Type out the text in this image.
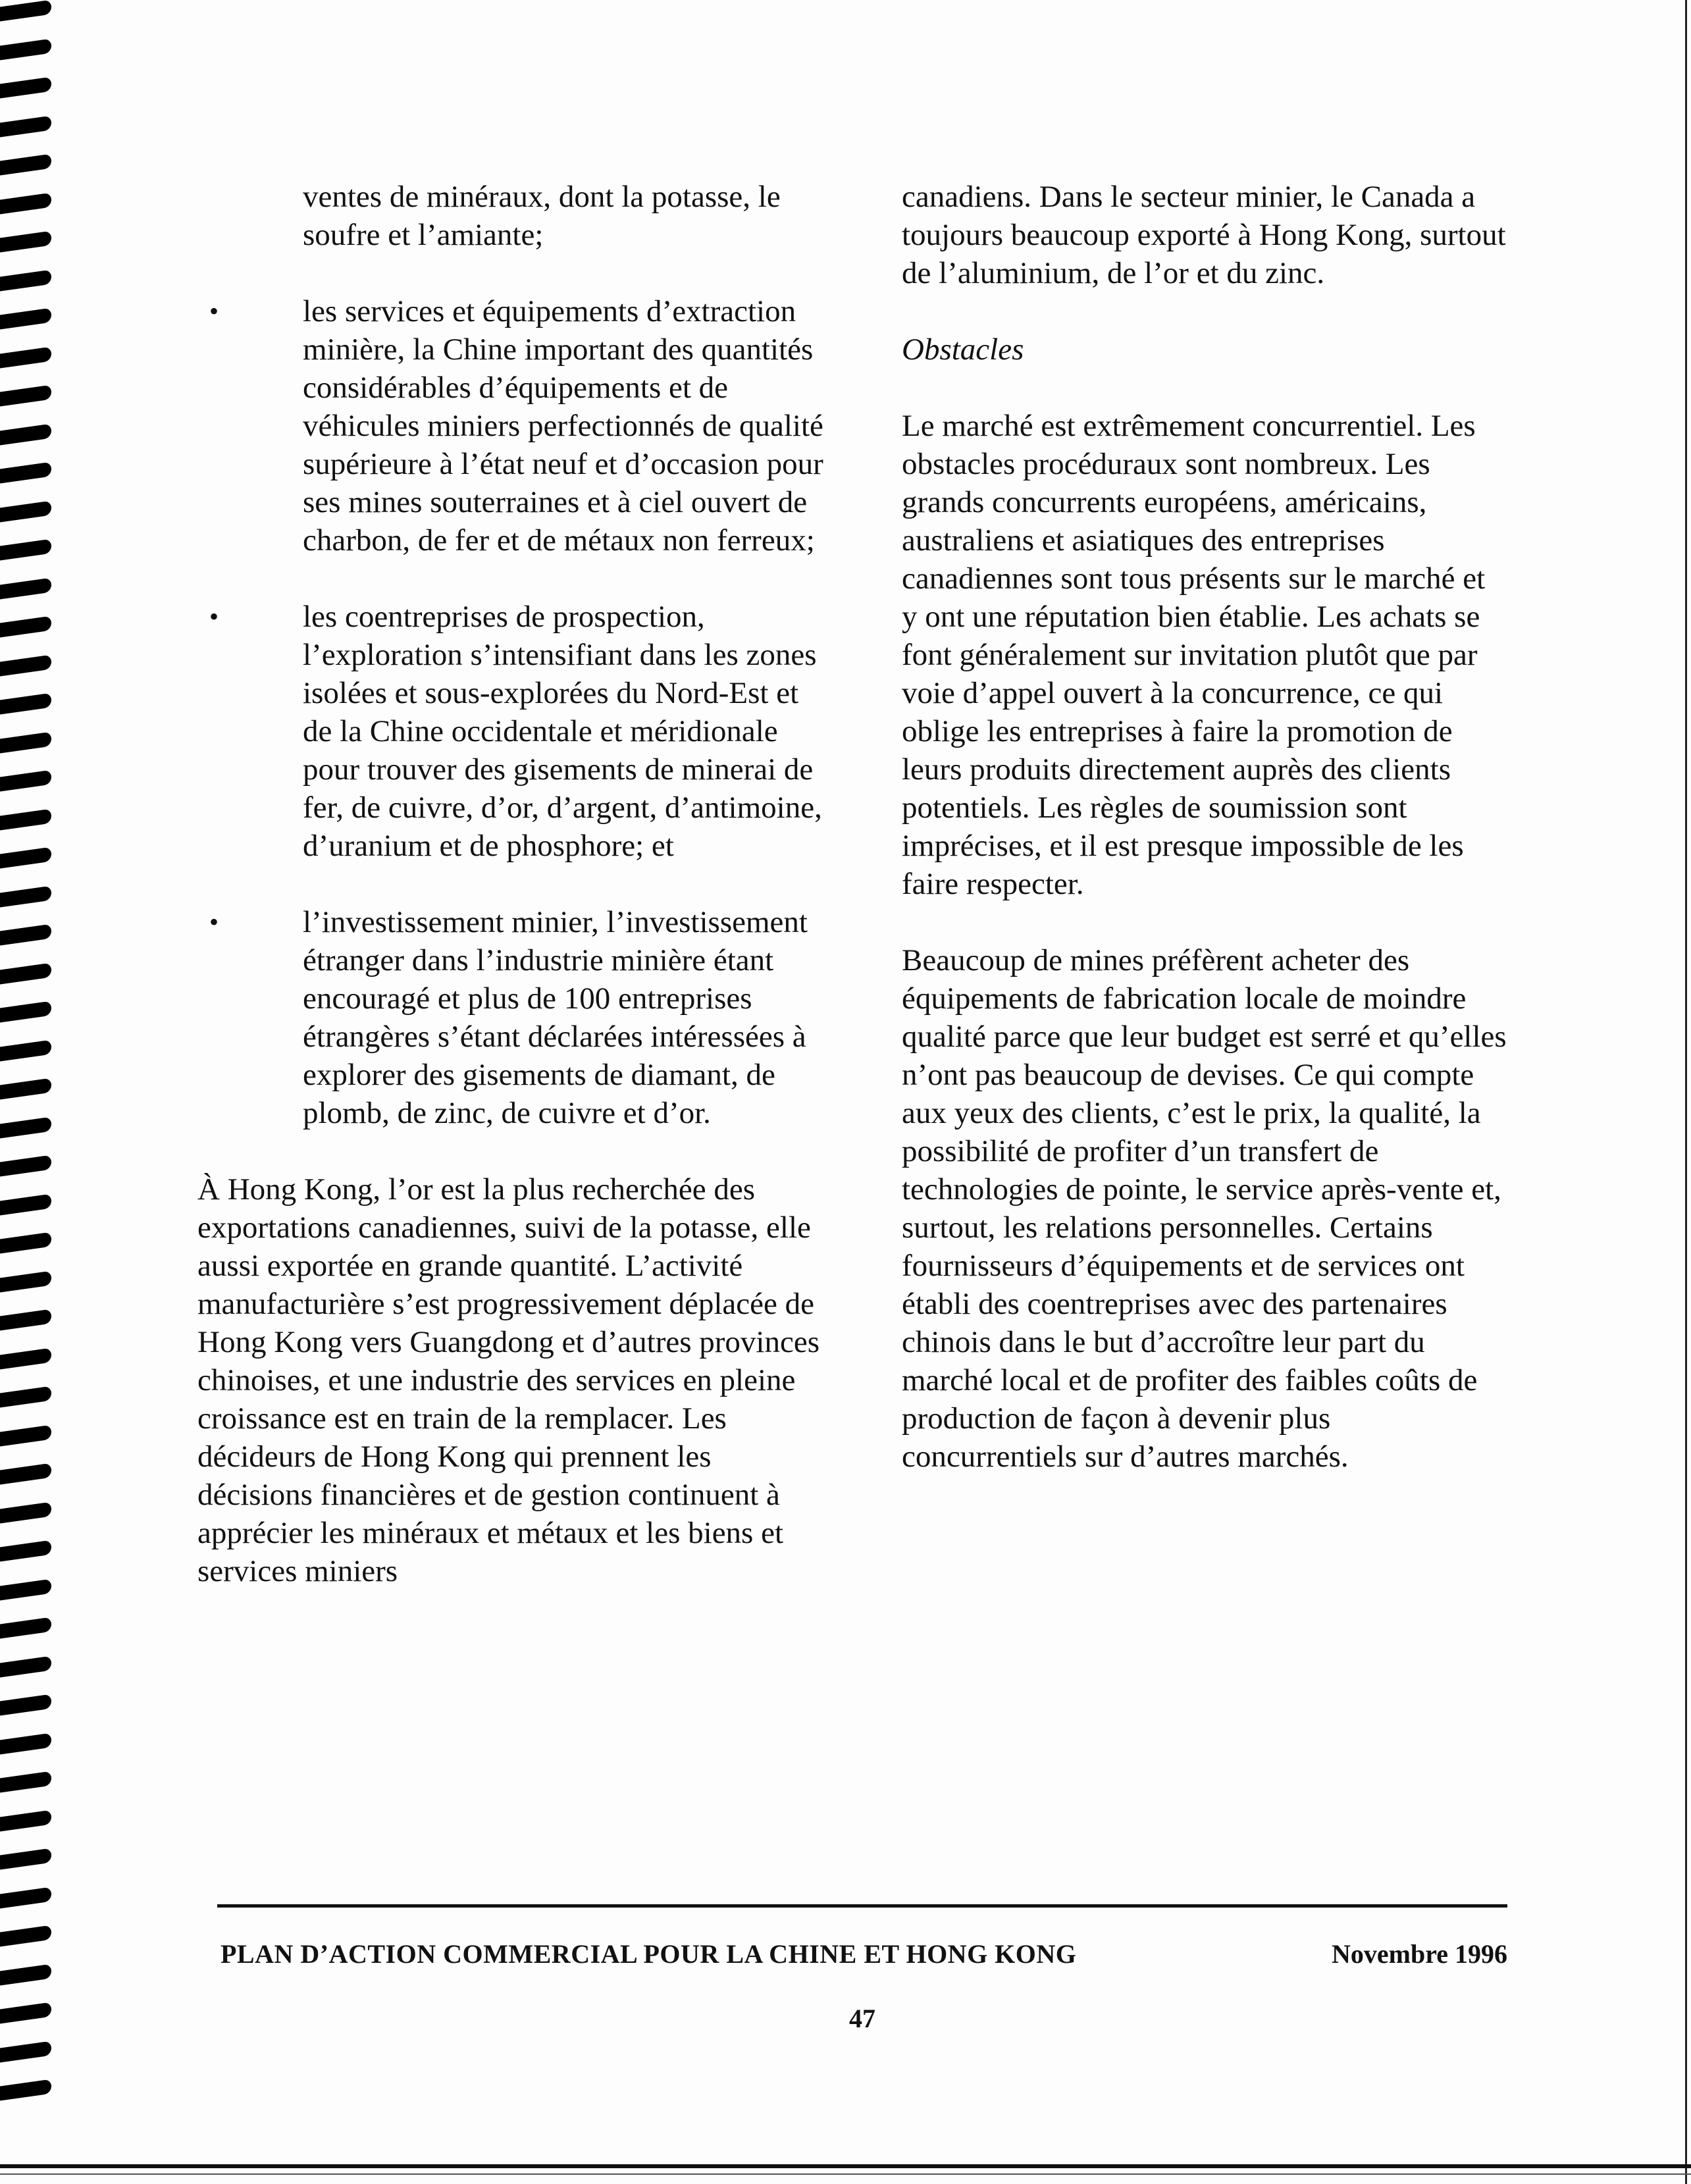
ventes de minéraux, dont la potasse, le soufre et l’amiante;

•	les services et équipements d’extraction minière, la Chine important des quantités considérables d’équipements et de véhicules miniers perfectionnés de qualité supérieure à l’état neuf et d’occasion pour ses mines souterraines et à ciel ouvert de charbon, de fer et de métaux non ferreux;
•	les coentreprises de prospection, l’exploration s’intensifiant dans les zones isolées et sous-explorées du Nord-Est et de la Chine occidentale et méridionale pour trouver des gisements de minerai de fer, de cuivre, d’or, d’argent, d’antimoine, d’uranium et de phosphore; et
•	l’investissement minier, l’investissement étranger dans l’industrie minière étant encouragé et plus de 100 entreprises étrangères s’étant déclarées intéressées à explorer des gisements de diamant, de plomb, de zinc, de cuivre et d’or.

À Hong Kong, l’or est la plus recherchée des exportations canadiennes, suivi de la potasse, elle aussi exportée en grande quantité. L’activité manufacturière s’est progressivement déplacée de Hong Kong vers Guangdong et d’autres provinces chinoises, et une industrie des services en pleine croissance est en train de la remplacer. Les décideurs de Hong Kong qui prennent les décisions financières et de gestion continuent à apprécier les minéraux et métaux et les biens et services miniers

canadiens. Dans le secteur minier, le Canada a toujours beaucoup exporté à Hong Kong, surtout de l’aluminium, de l’or et du zinc.

Obstacles

Le marché est extrêmement concurrentiel. Les obstacles procéduraux sont nombreux. Les grands concurrents européens, américains, australiens et asiatiques des entreprises canadiennes sont tous présents sur le marché et y ont une réputation bien établie. Les achats se font généralement sur invitation plutôt que par voie d’appel ouvert à la concurrence, ce qui oblige les entreprises à faire la promotion de leurs produits directement auprès des clients potentiels. Les règles de soumission sont imprécises, et il est presque impossible de les faire respecter.

Beaucoup de mines préfèrent acheter des équipements de fabrication locale de moindre qualité parce que leur budget est serré et qu’elles n’ont pas beaucoup de devises. Ce qui compte aux yeux des clients, c’est le prix, la qualité, la possibilité de profiter d’un transfert de technologies de pointe, le service après-vente et, surtout, les relations personnelles. Certains fournisseurs d’équipements et de services ont établi des coentreprises avec des partenaires chinois dans le but d’accroître leur part du marché local et de profiter des faibles coûts de production de façon à devenir plus concurrentiels sur d’autres marchés.

PLAN D’ACTION COMMERCIAL POUR LA CHINE ET HONG KONG	Novembre 1996
47
